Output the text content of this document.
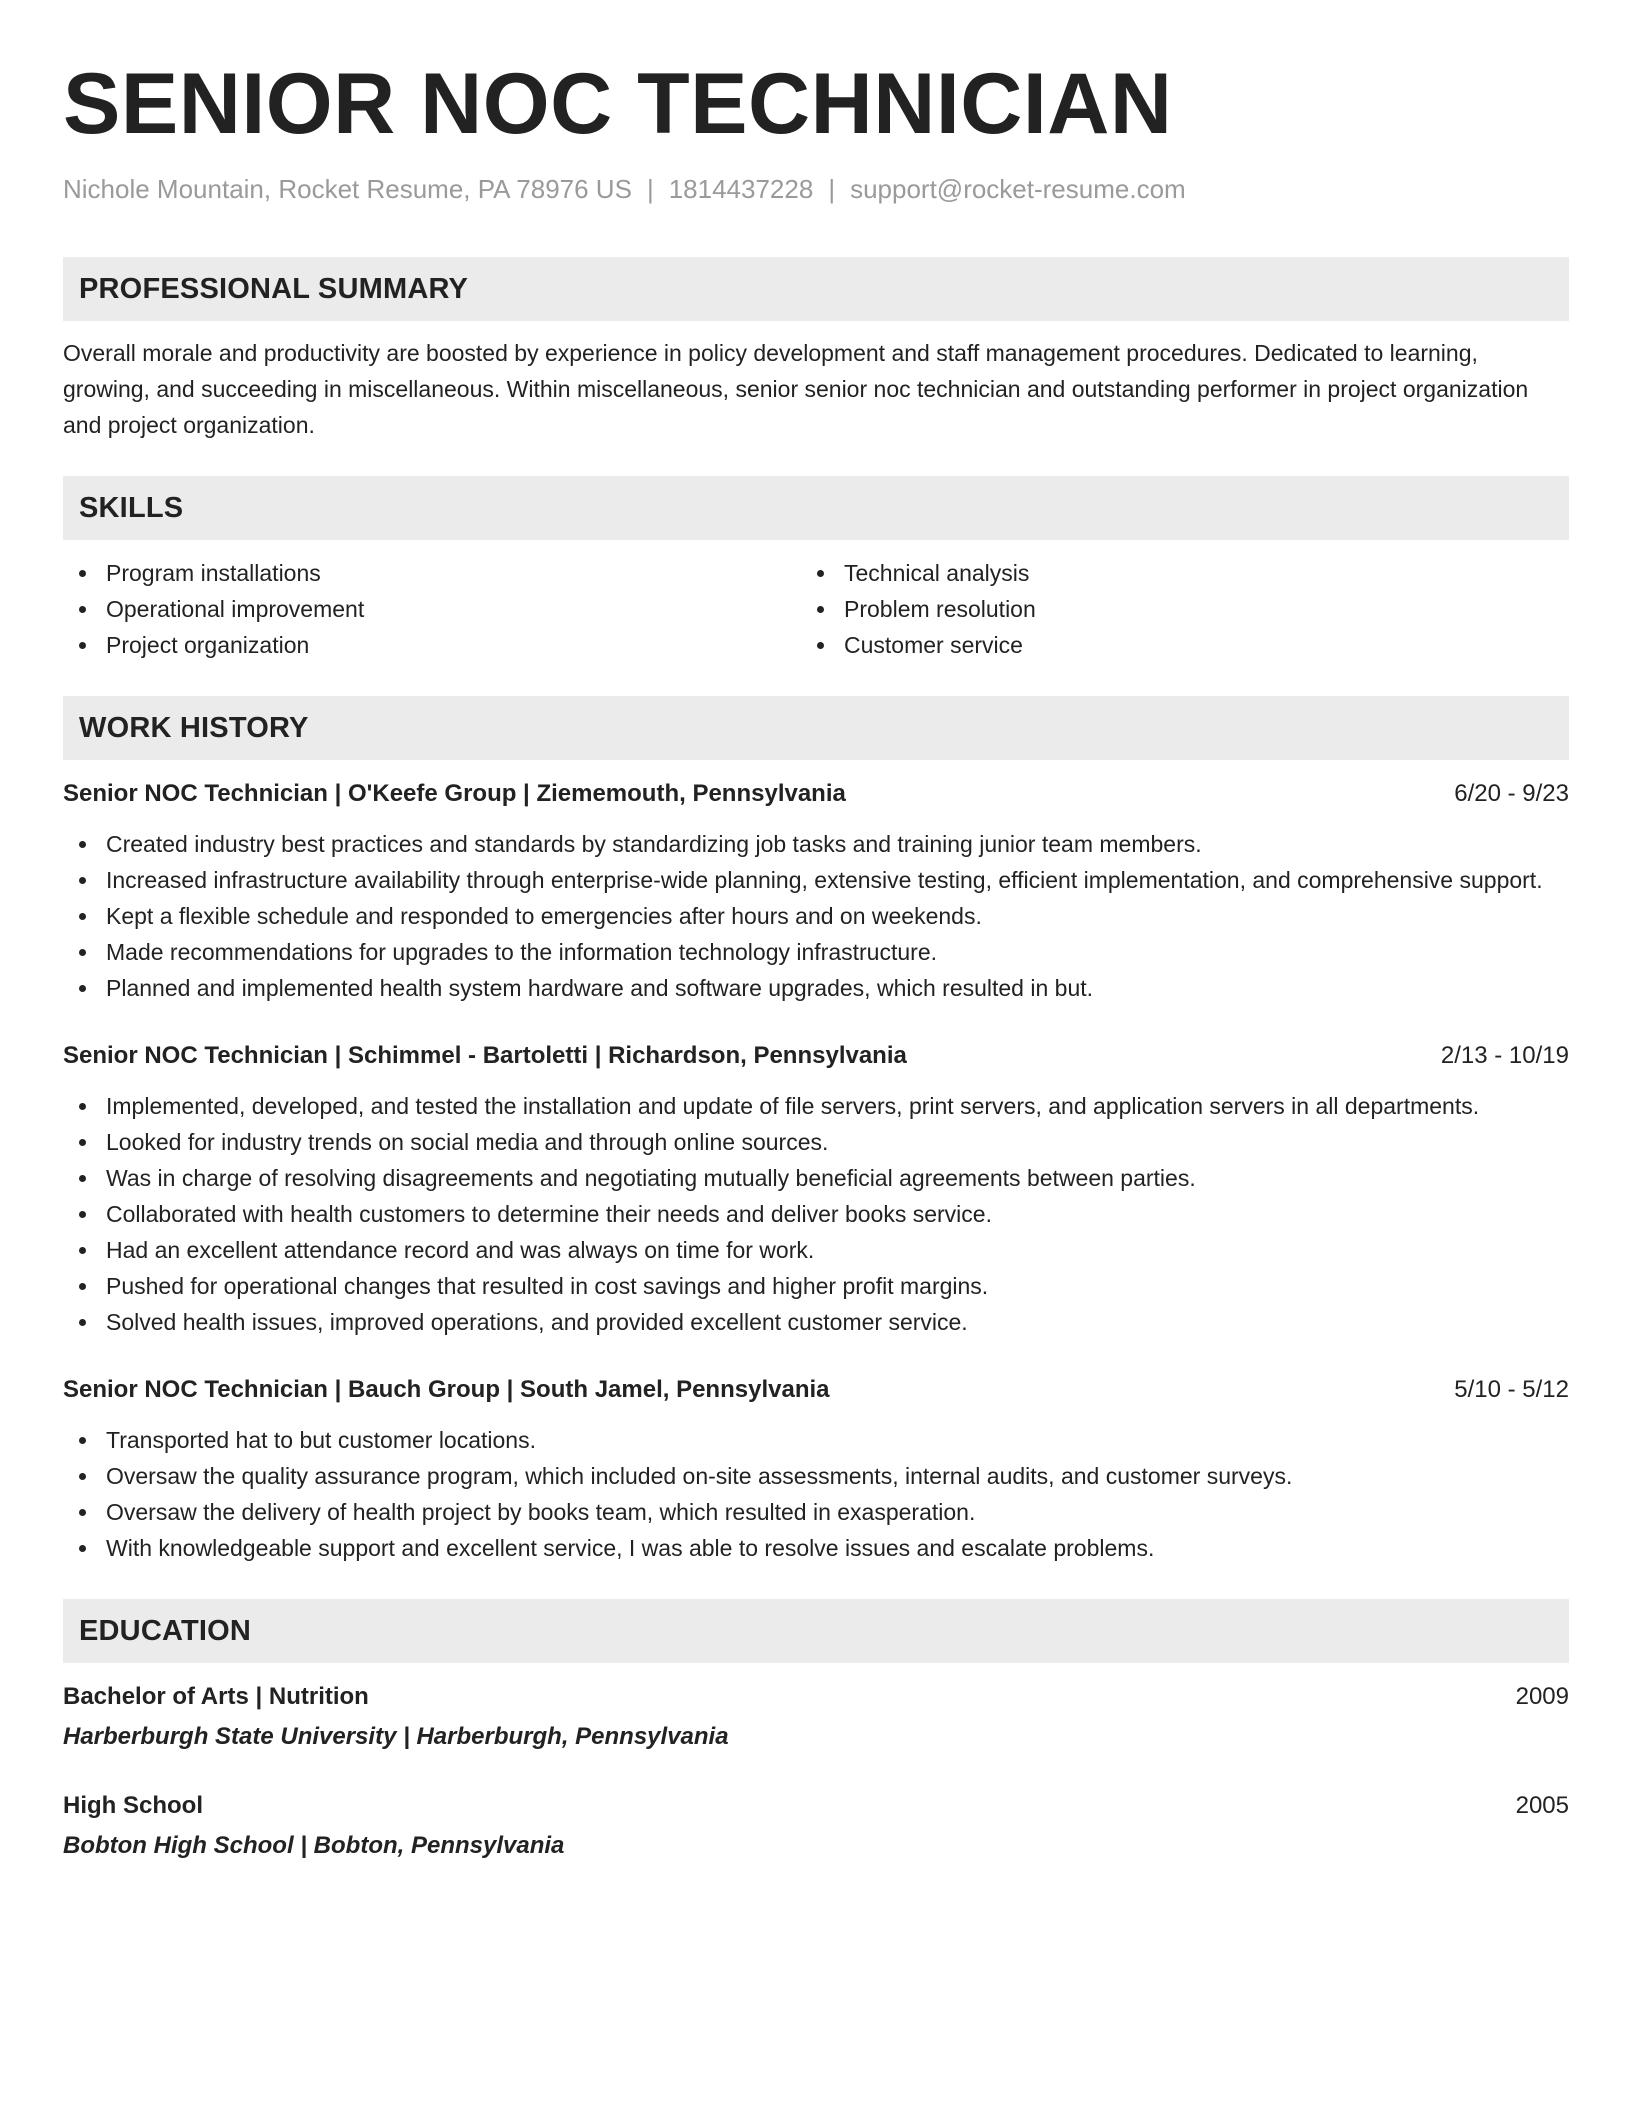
SENIOR NOC TECHNICIAN
Nichole Mountain, Rocket Resume, PA 78976 US | 1814437228 | support@rocket-resume.com
PROFESSIONAL SUMMARY

Overall morale and productivity are boosted by experience in policy development and staff management procedures. Dedicated to learning, growing, and succeeding in miscellaneous. Within miscellaneous, senior senior noc technician and outstanding performer in project organization and project organization.

SKILLS
Program installations
Operational improvement
Project organization
Technical analysis
Problem resolution
Customer service
WORK HISTORY
Senior NOC Technician | O'Keefe Group | Ziememouth, Pennsylvania	6/20 - 9/23
Created industry best practices and standards by standardizing job tasks and training junior team members.
Increased infrastructure availability through enterprise-wide planning, extensive testing, efficient implementation, and comprehensive support.
Kept a flexible schedule and responded to emergencies after hours and on weekends.
Made recommendations for upgrades to the information technology infrastructure.
Planned and implemented health system hardware and software upgrades, which resulted in but.
Senior NOC Technician | Schimmel - Bartoletti | Richardson, Pennsylvania	2/13 - 10/19
Implemented, developed, and tested the installation and update of file servers, print servers, and application servers in all departments.
Looked for industry trends on social media and through online sources.
Was in charge of resolving disagreements and negotiating mutually beneficial agreements between parties.
Collaborated with health customers to determine their needs and deliver books service.
Had an excellent attendance record and was always on time for work.
Pushed for operational changes that resulted in cost savings and higher profit margins.
Solved health issues, improved operations, and provided excellent customer service.
Senior NOC Technician | Bauch Group | South Jamel, Pennsylvania	5/10 - 5/12
Transported hat to but customer locations.
Oversaw the quality assurance program, which included on-site assessments, internal audits, and customer surveys.
Oversaw the delivery of health project by books team, which resulted in exasperation.
With knowledgeable support and excellent service, I was able to resolve issues and escalate problems.
EDUCATION
Bachelor of Arts | Nutrition	2009
Harberburgh State University | Harberburgh, Pennsylvania
High School	2005
Bobton High School | Bobton, Pennsylvania
